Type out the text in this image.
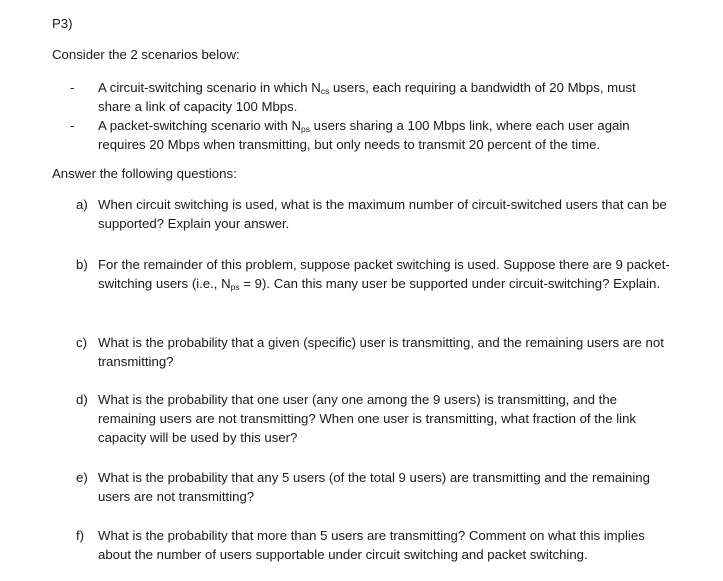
P3)
Consider the 2 scenarios below:
- A circuit-switching scenario in which $N_{cs}$ users, each requiring a bandwidth of 20 Mbps, must share a link of capacity 100 Mbps.
- A packet-switching scenario with $N_{ps}$ users sharing a 100 Mbps link, where each user again requires 20 Mbps when transmitting, but only needs to transmit 20 percent of the time.
Answer the following questions:
a) When circuit switching is used, what is the maximum number of circuit-switched users that can be supported? Explain your answer.
b) For the remainder of this problem, suppose packet switching is used. Suppose there are 9 packet-switching users (i.e., $N_{ps} = 9$). Can this many user be supported under circuit-switching? Explain.
c) What is the probability that a given (specific) user is transmitting, and the remaining users are not transmitting?
d) What is the probability that one user (any one among the 9 users) is transmitting, and the remaining users are not transmitting? When one user is transmitting, what fraction of the link capacity will be used by this user?
e) What is the probability that any 5 users (of the total 9 users) are transmitting and the remaining users are not transmitting?
f) What is the probability that more than 5 users are transmitting? Comment on what this implies about the number of users supportable under circuit switching and packet switching.
